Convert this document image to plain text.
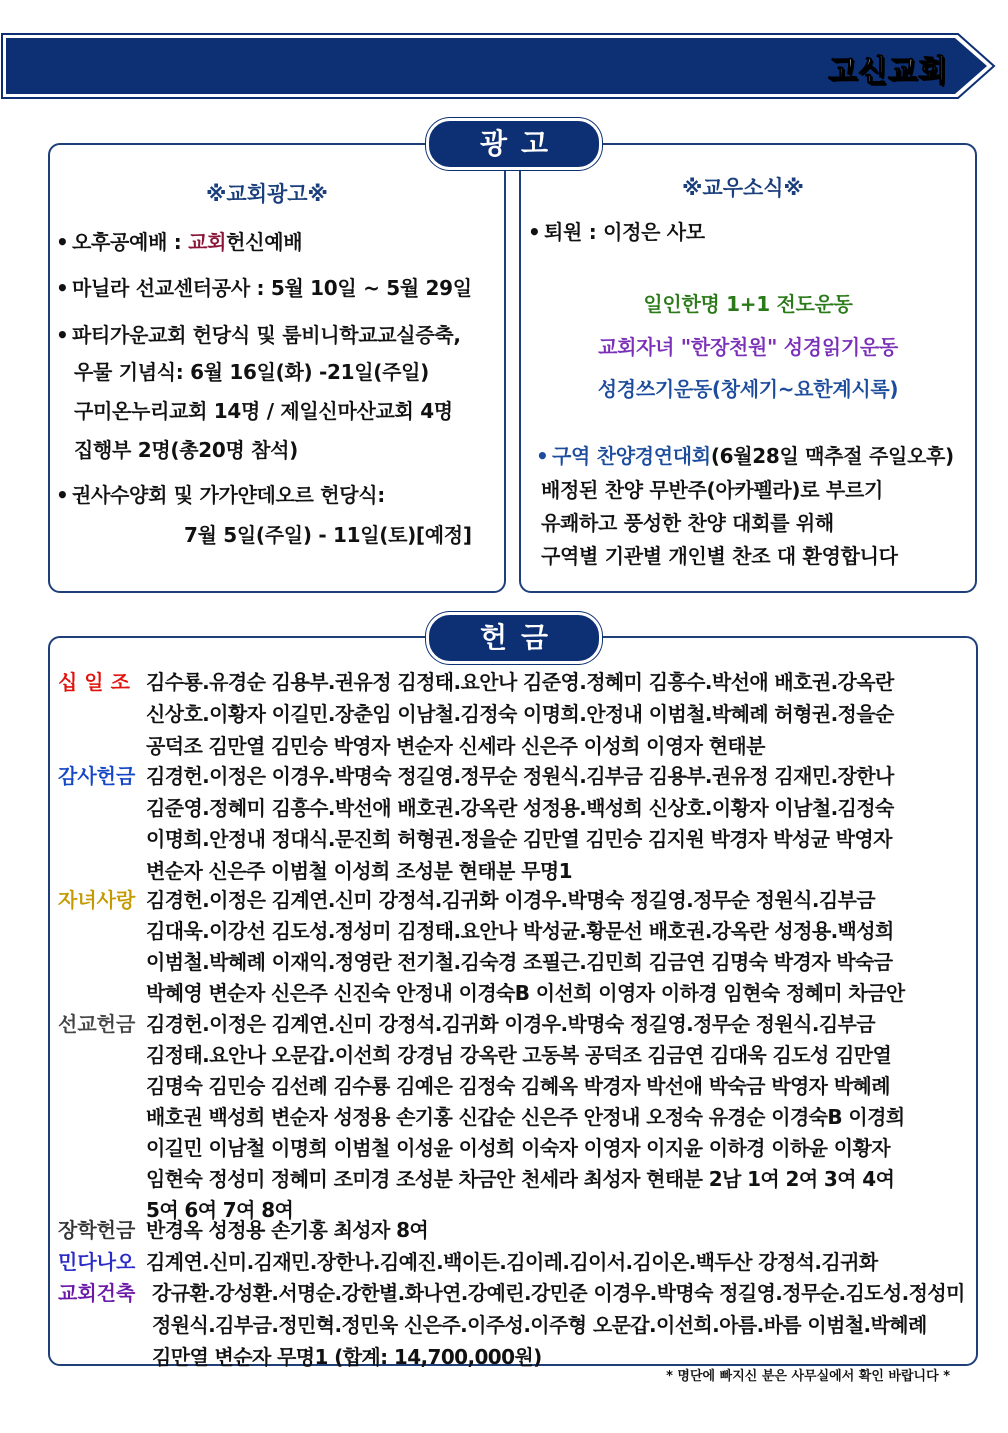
고신교회
광고
※교회광고※
• 오후공예배 : 교회헌신예배
• 마닐라 선교센터공사 : 5월 10일 ~ 5월 29일
• 파티가운교회 헌당식 및 룸비니학교교실증축,
우물 기념식: 6월 16일(화) -21일(주일)
구미온누리교회 14명 / 제일신마산교회 4명
집행부 2명(총20명 참석)
• 권사수양회 및 가가얀데오르 헌당식:
7월 5일(주일) - 11일(토)[예정]
※교우소식※
• 퇴원 : 이정은 사모
일인한명 1+1 전도운동
교회자녀 "한장천원" 성경읽기운동
성경쓰기운동(창세기~요한계시록)
• 구역 찬양경연대회(6월28일 맥추절 주일오후)
배정된 찬양 무반주(아카펠라)로 부르기
유쾌하고 풍성한 찬양 대회를 위해
구역별 기관별 개인별 찬조 대 환영합니다
헌금
십 일 조 김수룡.유경순 김용부.권유정 김정태.요안나 김준영.정혜미 김흥수.박선애 배호권.강옥란
신상호.이황자 이길민.장춘임 이남철.김정숙 이명희.안정내 이범철.박혜례 허형권.정을순
공덕조 김만열 김민승 박영자 변순자 신세라 신은주 이성희 이영자 현태분
감사헌금 김경헌.이정은 이경우.박명숙 정길영.정무순 정원식.김부금 김용부.권유정 김재민.장한나
김준영.정혜미 김흥수.박선애 배호권.강옥란 성정용.백성희 신상호.이황자 이남철.김정숙
이명희.안정내 정대식.문진희 허형권.정을순 김만열 김민승 김지원 박경자 박성균 박영자
변순자 신은주 이범철 이성희 조성분 현태분 무명1
자녀사랑 김경헌.이정은 김계연.신미 강정석.김귀화 이경우.박명숙 정길영.정무순 정원식.김부금
김대욱.이강선 김도성.정성미 김정태.요안나 박성균.황문선 배호권.강옥란 성정용.백성희
이범철.박혜례 이재익.정영란 전기철.김숙경 조필근.김민희 김금연 김명숙 박경자 박숙금
박혜영 변순자 신은주 신진숙 안정내 이경숙B 이선희 이영자 이하경 임현숙 정혜미 차금안
선교헌금 김경헌.이정은 김계연.신미 강정석.김귀화 이경우.박명숙 정길영.정무순 정원식.김부금
김정태.요안나 오문갑.이선희 강경님 강옥란 고동복 공덕조 김금연 김대욱 김도성 김만열
김명숙 김민승 김선례 김수룡 김예은 김정숙 김혜옥 박경자 박선애 박숙금 박영자 박혜례
배호권 백성희 변순자 성정용 손기홍 신갑순 신은주 안정내 오정숙 유경순 이경숙B 이경희
이길민 이남철 이명희 이범철 이성윤 이성희 이숙자 이영자 이지윤 이하경 이하윤 이황자
임현숙 정성미 정혜미 조미경 조성분 차금안 천세라 최성자 현태분 2남 1여 2여 3여 4여
5여 6여 7여 8여
장학헌금 반경옥 성정용 손기홍 최성자 8여
민다나오 김계연.신미.김재민.장한나.김예진.백이든.김이레.김이서.김이온.백두산 강정석.김귀화
교회건축 강규환.강성환.서명순.강한별.화나연.강예린.강민준 이경우.박명숙 정길영.정무순.김도성.정성미
정원식.김부금.정민혁.정민욱 신은주.이주성.이주형 오문갑.이선희.아름.바름 이범철.박혜례
김만열 변순자 무명1 (합계: 14,700,000원)
* 명단에 빠지신 분은 사무실에서 확인 바랍니다 *
